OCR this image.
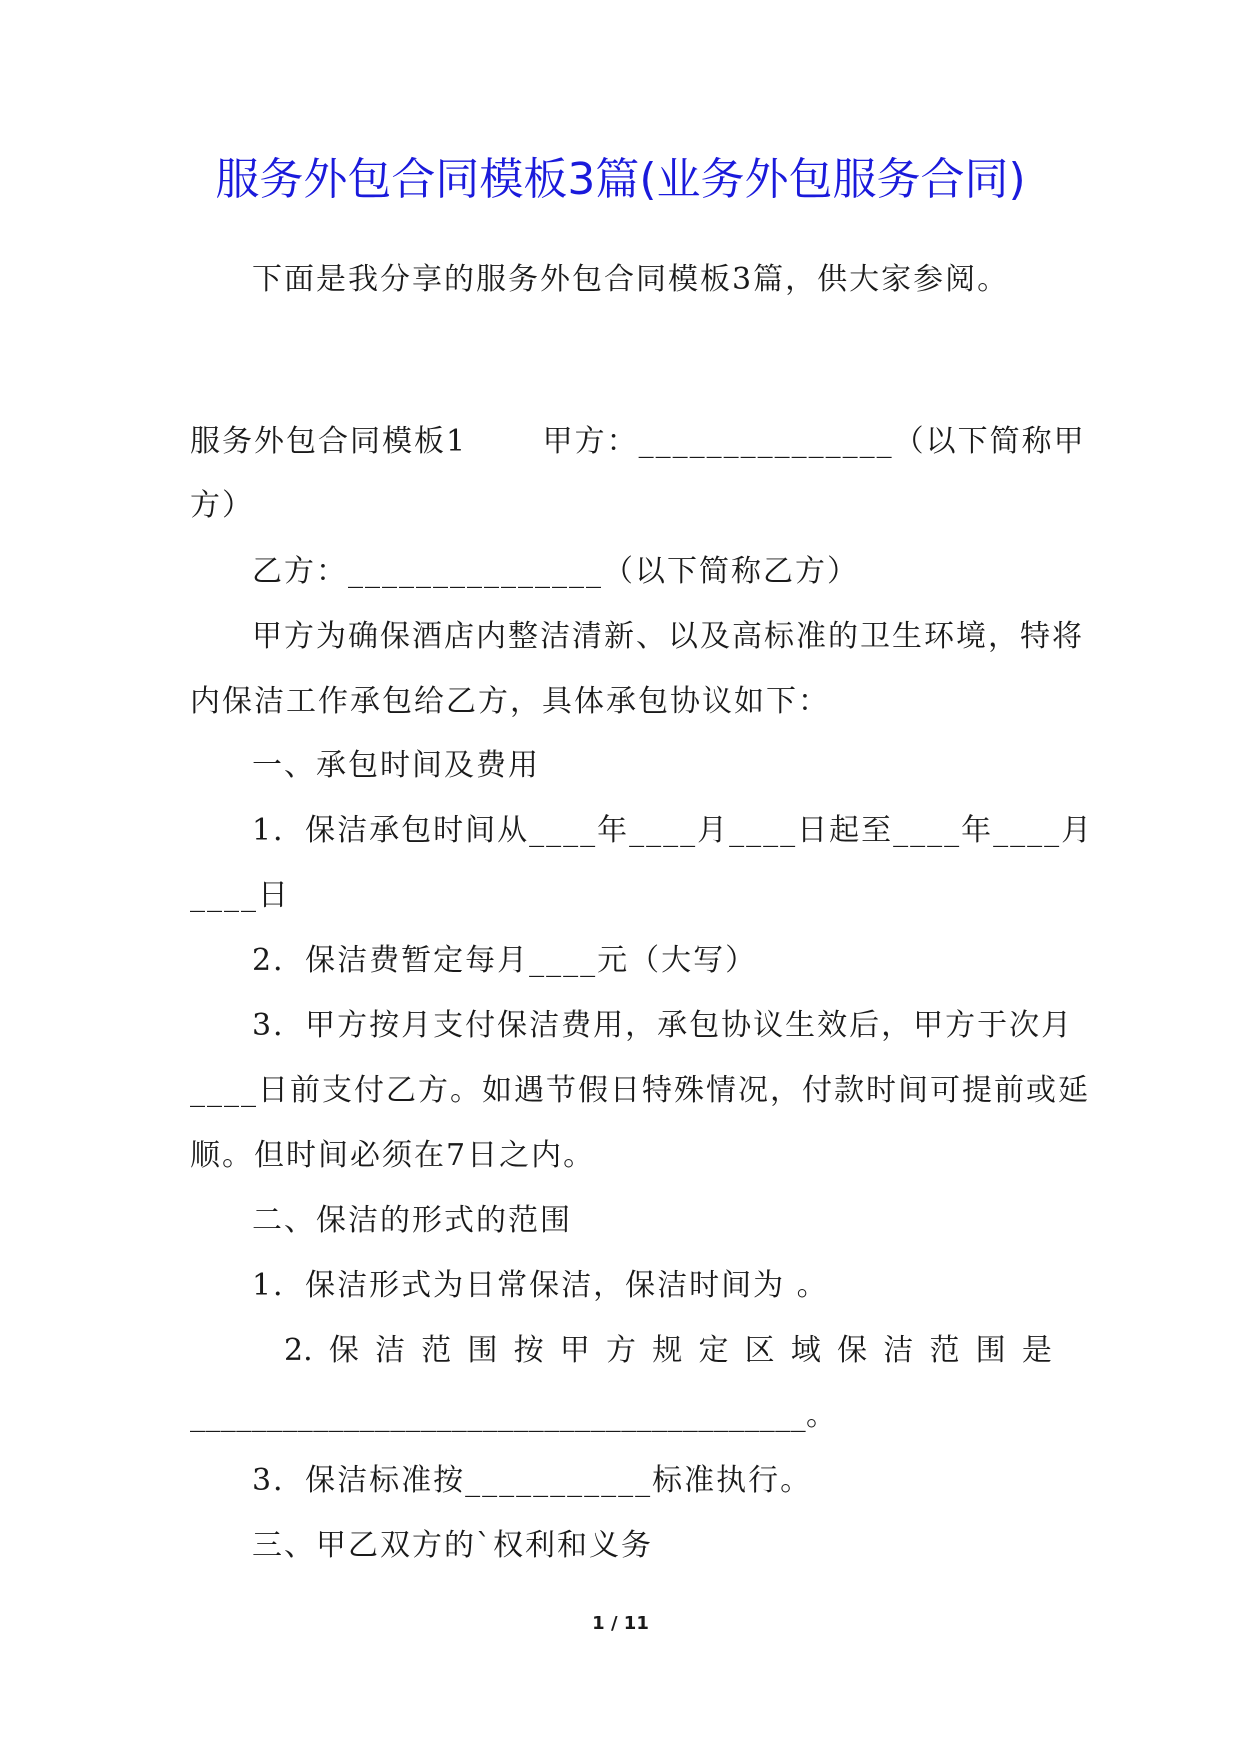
服务外包合同模板3篇(业务外包服务合同)
下面是我分享的服务外包合同模板3篇，供大家参阅。
服务外包合同模板1　　 甲方：_______________（以下简称甲
方）
乙方：_______________（以下简称乙方）
甲方为确保酒店内整洁清新、以及高标准的卫生环境，特将
内保洁工作承包给乙方，具体承包协议如下：
一、承包时间及费用
1．保洁承包时间从____年____月____日起至____年____月
____日
2．保洁费暂定每月____元（大写）
3．甲方按月支付保洁费用，承包协议生效后，甲方于次月
____日前支付乙方。如遇节假日特殊情况，付款时间可提前或延
顺。但时间必须在7日之内。
二、保洁的形式的范围
1．保洁形式为日常保洁，保洁时间为 。
2. 保 洁 范 围 按 甲 方 规 定 区 域 保 洁 范 围 是
________________________________________。
3．保洁标准按___________标准执行。
三、甲乙双方的`权利和义务
1 / 11
